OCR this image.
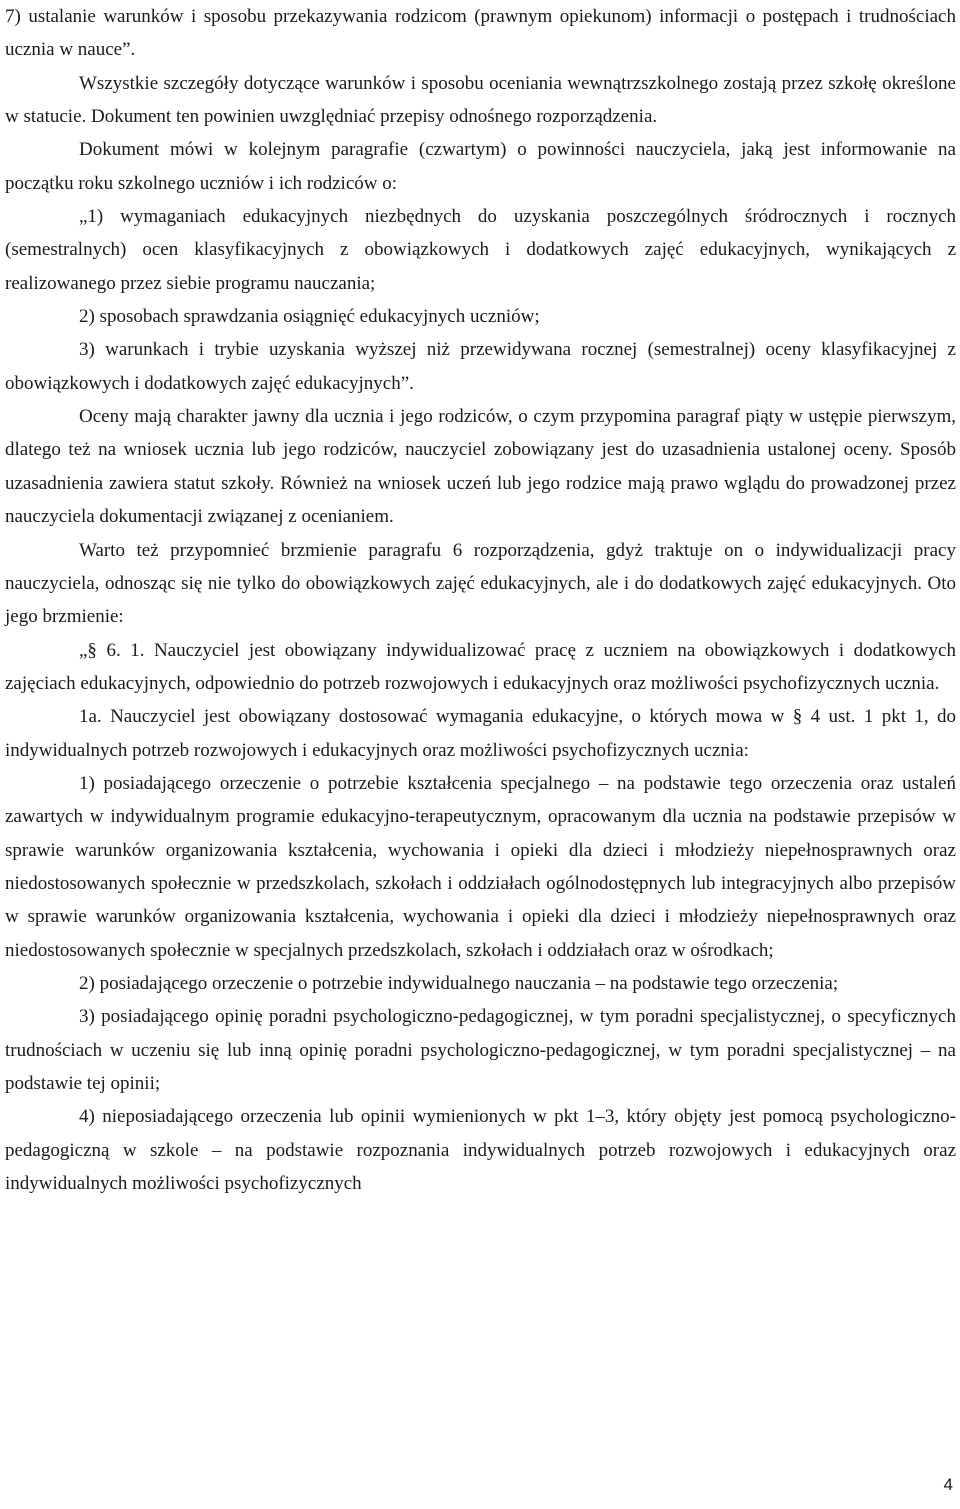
7) ustalanie warunków i sposobu przekazywania rodzicom (prawnym opiekunom) informacji o postępach i trudnościach ucznia w nauce”.

Wszystkie szczegóły dotyczące warunków i sposobu oceniania wewnątrzszkolnego zostają przez szkołę określone w statucie. Dokument ten powinien uwzględniać przepisy odnośnego rozporządzenia.

Dokument mówi w kolejnym paragrafie (czwartym) o powinności nauczyciela, jaką jest informowanie na początku roku szkolnego uczniów i ich rodziców o:

„1) wymaganiach edukacyjnych niezbędnych do uzyskania poszczególnych śródrocznych i rocznych (semestralnych) ocen klasyfikacyjnych z obowiązkowych i dodatkowych zajęć edukacyjnych, wynikających z realizowanego przez siebie programu nauczania;

2) sposobach sprawdzania osiągnięć edukacyjnych uczniów;

3) warunkach i trybie uzyskania wyższej niż przewidywana rocznej (semestralnej) oceny klasyfikacyjnej z obowiązkowych i dodatkowych zajęć edukacyjnych”.

Oceny mają charakter jawny dla ucznia i jego rodziców, o czym przypomina paragraf piąty w ustępie pierwszym, dlatego też na wniosek ucznia lub jego rodziców, nauczyciel zobowiązany jest do uzasadnienia ustalonej oceny. Sposób uzasadnienia zawiera statut szkoły. Również na wniosek uczeń lub jego rodzice mają prawo wglądu do prowadzonej przez nauczyciela dokumentacji związanej z ocenianiem.

Warto też przypomnieć brzmienie paragrafu 6 rozporządzenia, gdyż traktuje on o indywidualizacji pracy nauczyciela, odnosząc się nie tylko do obowiązkowych zajęć edukacyjnych, ale i do dodatkowych zajęć edukacyjnych. Oto jego brzmienie:

„§ 6. 1. Nauczyciel jest obowiązany indywidualizować pracę z uczniem na obowiązkowych i dodatkowych zajęciach edukacyjnych, odpowiednio do potrzeb rozwojowych i edukacyjnych oraz możliwości psychofizycznych ucznia.

1a. Nauczyciel jest obowiązany dostosować wymagania edukacyjne, o których mowa w § 4 ust. 1 pkt 1, do indywidualnych potrzeb rozwojowych i edukacyjnych oraz możliwości psychofizycznych ucznia:

1) posiadającego orzeczenie o potrzebie kształcenia specjalnego – na podstawie tego orzeczenia oraz ustaleń zawartych w indywidualnym programie edukacyjno-terapeutycznym, opracowanym dla ucznia na podstawie przepisów w sprawie warunków organizowania kształcenia, wychowania i opieki dla dzieci i młodzieży niepełnosprawnych oraz niedostosowanych społecznie w przedszkolach, szkołach i oddziałach ogólnodostępnych lub integracyjnych albo przepisów w sprawie warunków organizowania kształcenia, wychowania i opieki dla dzieci i młodzieży niepełnosprawnych oraz niedostosowanych społecznie w specjalnych przedszkolach, szkołach i oddziałach oraz w ośrodkach;

2) posiadającego orzeczenie o potrzebie indywidualnego nauczania – na podstawie tego orzeczenia;

3) posiadającego opinię poradni psychologiczno-pedagogicznej, w tym poradni specjalistycznej, o specyficznych trudnościach w uczeniu się lub inną opinię poradni psychologiczno-pedagogicznej, w tym poradni specjalistycznej – na podstawie tej opinii;

4) nieposiadającego orzeczenia lub opinii wymienionych w pkt 1–3, który objęty jest pomocą psychologiczno-pedagogiczną w szkole – na podstawie rozpoznania indywidualnych potrzeb rozwojowych i edukacyjnych oraz indywidualnych możliwości psychofizycznych

4
